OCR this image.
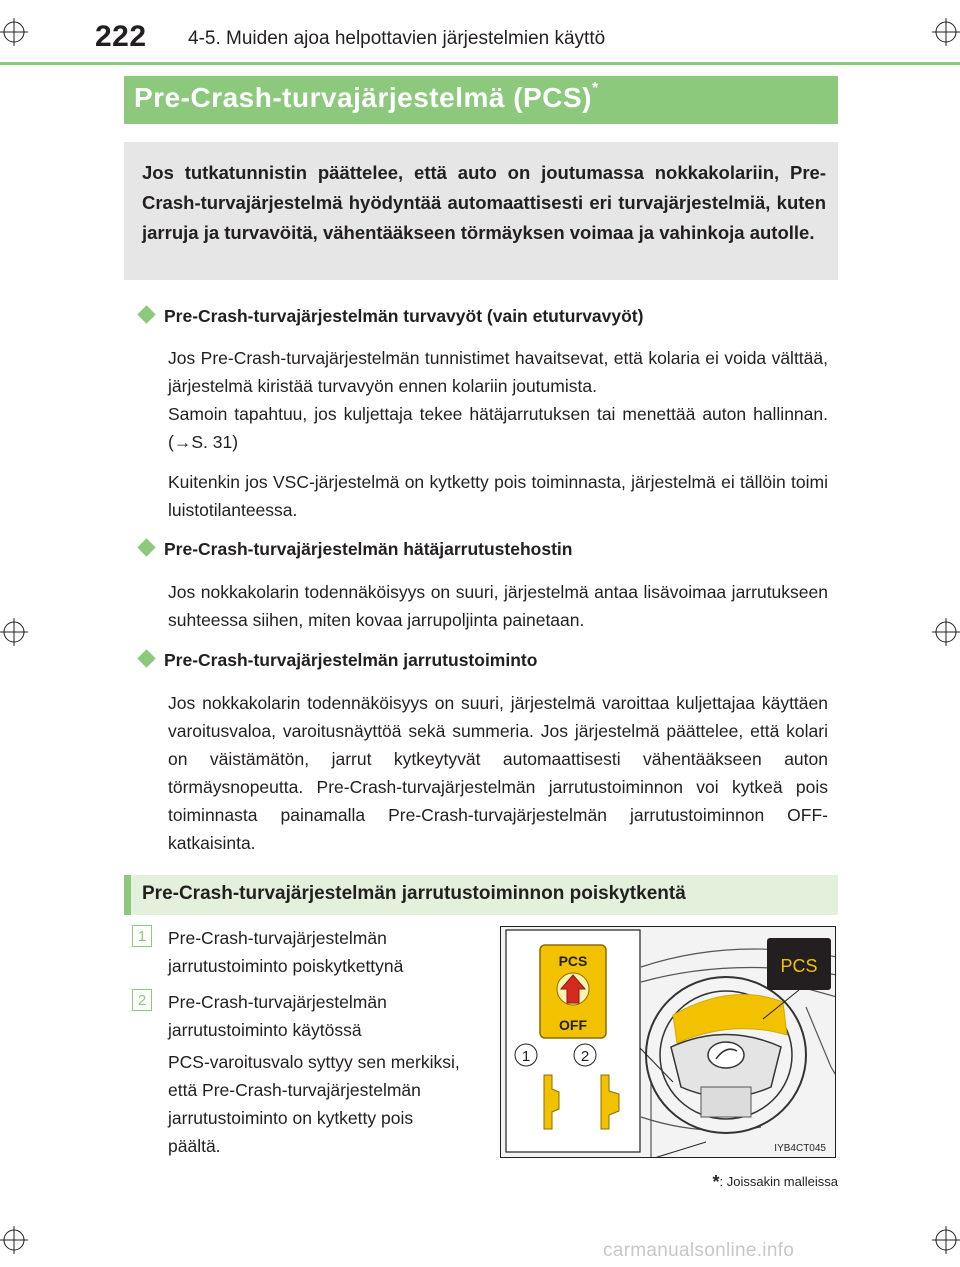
222 4-5. Muiden ajoa helpottavien järjestelmien käyttö
Pre-Crash-turvajärjestelmä (PCS)*
Jos tutkatunnistin päättelee, että auto on joutumassa nokkakolariin, Pre-Crash-turvajärjestelmä hyödyntää automaattisesti eri turvajärjestelmiä, kuten jarruja ja turvavöitä, vähentääkseen törmäyksen voimaa ja vahinkoja autolle.
Pre-Crash-turvajärjestelmän turvavyöt (vain etuturvavyöt)
Jos Pre-Crash-turvajärjestelmän tunnistimet havaitsevat, että kolaria ei voida välttää, järjestelmä kiristää turvavyön ennen kolariin joutumista.
Samoin tapahtuu, jos kuljettaja tekee hätäjarrutuksen tai menettää auton hallinnan. (→S. 31)
Kuitenkin jos VSC-järjestelmä on kytketty pois toiminnasta, järjestelmä ei tällöin toimi luistotilanteessa.
Pre-Crash-turvajärjestelmän hätäjarrutustehostin
Jos nokkakolarin todennäköisyys on suuri, järjestelmä antaa lisävoimaa jarrutukseen suhteessa siihen, miten kovaa jarrupoljinta painetaan.
Pre-Crash-turvajärjestelmän jarrutustoiminto
Jos nokkakolarin todennäköisyys on suuri, järjestelmä varoittaa kuljettajaa käyttäen varoitusvaloa, varoitusnäyttöä sekä summeria. Jos järjestelmä päättelee, että kolari on väistämätön, jarrut kytkeytyvät automaattisesti vähentääkseen auton törmäysnopeutta. Pre-Crash-turvajärjestelmän jarrutustoiminnon voi kytkeä pois toiminnasta painamalla Pre-Crash-turvajärjestelmän jarrutustoiminnon OFF-katkaisinta.
Pre-Crash-turvajärjestelmän jarrutustoiminnon poiskytkentä
1	Pre-Crash-turvajärjestelmän jarrutustoiminto poiskytkettynä
2	Pre-Crash-turvajärjestelmän jarrutustoiminto käytössä
PCS-varoitusvalo syttyy sen merkiksi, että Pre-Crash-turvajärjestelmän jarrutustoiminto on kytketty pois päältä.
PCS
PCS
OFF
1	2
IYB4CT045
*: Joissakin malleissa
carmanualsonline.info
